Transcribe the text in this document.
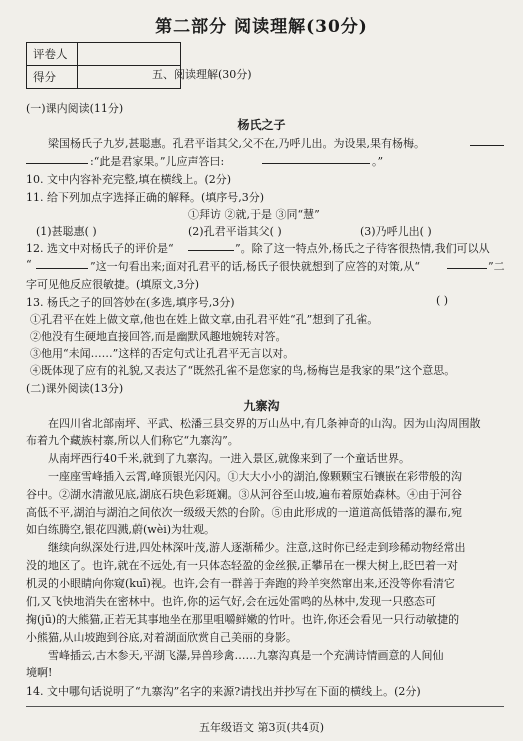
第二部分 阅读理解(30分)
评卷人	
得分		五、阅读理解(30分)
(一)课内阅读(11分)
杨氏之子
梁国杨氏子九岁,甚聪惠。孔君平诣其父,父不在,乃呼儿出。为设果,果有杨梅。
:“此是君家果。”儿应声答曰:	。”
10. 文中内容补充完整,填在横线上。(2分)
11. 给下列加点字选择正确的解释。(填序号,3分)
①拜访 ②就,于是 ③同“慧”
(1)甚聪惠( )	(2)孔君平诣其父( )	(3)乃呼儿出( )
12. 选文中对杨氏子的评价是“	”。除了这一特点外,杨氏之子待客很热情,我们可以从
“	”这一句看出来;面对孔君平的话,杨氏子很快就想到了应答的对策,从“	”二
字可见他反应很敏捷。(填原文,3分)
13. 杨氏之子的回答妙在(多选,填序号,3分)	( )
①孔君平在姓上做文章,他也在姓上做文章,由孔君平姓“孔”想到了孔雀。
②他没有生硬地直接回答,而是幽默风趣地婉转对答。
③他用“未闻……”这样的否定句式让孔君平无言以对。
④既体现了应有的礼貌,又表达了“既然孔雀不是您家的鸟,杨梅岂是我家的果”这个意思。
(二)课外阅读(13分)
九寨沟
在四川省北部南坪、平武、松潘三县交界的万山丛中,有几条神奇的山沟。因为山沟周围散
布着九个藏族村寨,所以人们称它“九寨沟”。
从南坪西行40千米,就到了九寨沟。一进入景区,就像来到了一个童话世界。
一座座雪峰插入云霄,峰顶银光闪闪。①大大小小的湖泊,像颗颗宝石镶嵌在彩带般的沟
谷中。②湖水清澈见底,湖底石块色彩斑斓。③从河谷至山坡,遍布着原始森林。④由于河谷
高低不平,湖泊与湖泊之间依次一级级天然的台阶。⑤由此形成的一道道高低错落的瀑布,宛
如白练腾空,银花四溅,蔚(wèi)为壮观。
继续向纵深处行进,四处林深叶茂,游人逐渐稀少。注意,这时你已经走到珍稀动物经常出
没的地区了。也许,就在不远处,有一只体态轻盈的金丝猴,正攀吊在一棵大树上,眨巴着一对
机灵的小眼睛向你窥(kuī)视。也许,会有一群善于奔跑的羚羊突然窜出来,还没等你看清它
们,又飞快地消失在密林中。也许,你的运气好,会在远处雷鸣的丛林中,发现一只憨态可
掬(jū)的大熊猫,正若无其事地坐在那里咀嚼鲜嫩的竹叶。也许,你还会看见一只行动敏捷的
小熊猫,从山坡跑到谷底,对着湖面欣赏自己美丽的身影。
雪峰插云,古木参天,平湖飞瀑,异兽珍禽……九寨沟真是一个充满诗情画意的人间仙
境啊!
14. 文中哪句话说明了“九寨沟”名字的来源?请找出并抄写在下面的横线上。(2分)
五年级语文 第3页(共4页)
